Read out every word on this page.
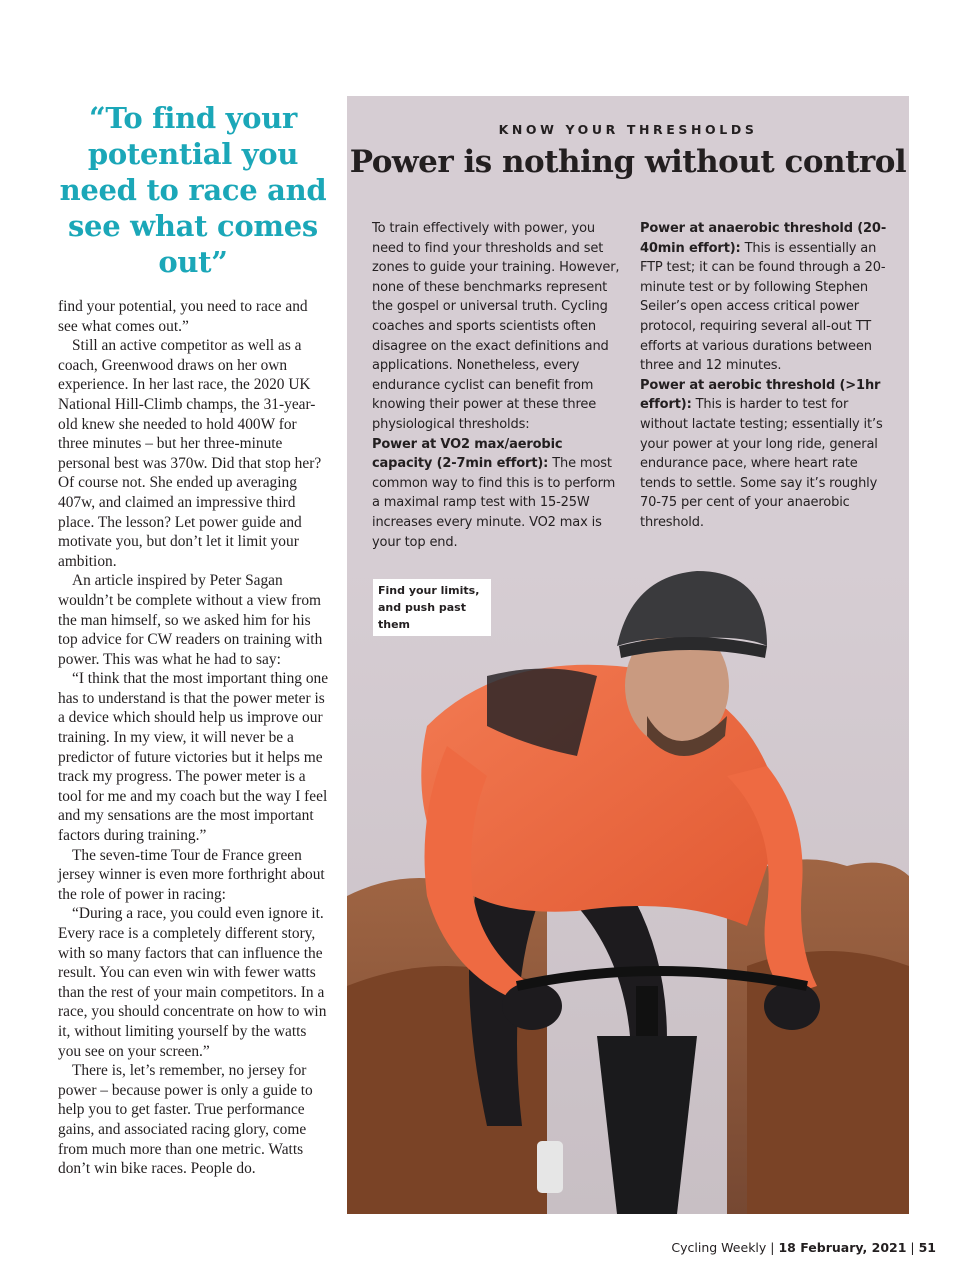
“To find your potential you need to race and see what comes out”

find your potential, you need to race and see what comes out.”

Still an active competitor as well as a coach, Greenwood draws on her own experience. In her last race, the 2020 UK National Hill-Climb champs, the 31-year-old knew she needed to hold 400W for three minutes – but her three-minute personal best was 370w. Did that stop her? Of course not. She ended up averaging 407w, and claimed an impressive third place. The lesson? Let power guide and motivate you, but don’t let it limit your ambition.

An article inspired by Peter Sagan wouldn’t be complete without a view from the man himself, so we asked him for his top advice for CW readers on training with power. This was what he had to say:

“I think that the most important thing one has to understand is that the power meter is a device which should help us improve our training. In my view, it will never be a predictor of future victories but it helps me track my progress. The power meter is a tool for me and my coach but the way I feel and my sensations are the most important factors during training.”

The seven-time Tour de France green jersey winner is even more forthright about the role of power in racing:

“During a race, you could even ignore it. Every race is a completely different story, with so many factors that can influence the result. You can even win with fewer watts than the rest of your main competitors. In a race, you should concentrate on how to win it, without limiting yourself by the watts you see on your screen.”

There is, let’s remember, no jersey for power – because power is only a guide to help you to get faster. True performance gains, and associated racing glory, come from much more than one metric. Watts don’t win bike races. People do.

KNOW YOUR THRESHOLDS
Power is nothing without control
To train effectively with power, you need to find your thresholds and set zones to guide your training. However, none of these benchmarks represent the gospel or universal truth. Cycling coaches and sports scientists often disagree on the exact definitions and applications. Nonetheless, every endurance cyclist can benefit from knowing their power at these three physiological thresholds:
Power at VO2 max/aerobic capacity (2-7min effort): The most common way to find this is to perform a maximal ramp test with 15-25W increases every minute. VO2 max is your top end.
Power at anaerobic threshold (20-40min effort): This is essentially an FTP test; it can be found through a 20-minute test or by following Stephen Seiler’s open access critical power protocol, requiring several all-out TT efforts at various durations between three and 12 minutes.
Power at aerobic threshold (>1hr effort): This is harder to test for without lactate testing; essentially it’s your power at your long ride, general endurance pace, where heart rate tends to settle. Some say it’s roughly 70-75 per cent of your anaerobic threshold.
Find your limits, and push past them
Cycling Weekly | 18 February, 2021 | 51
